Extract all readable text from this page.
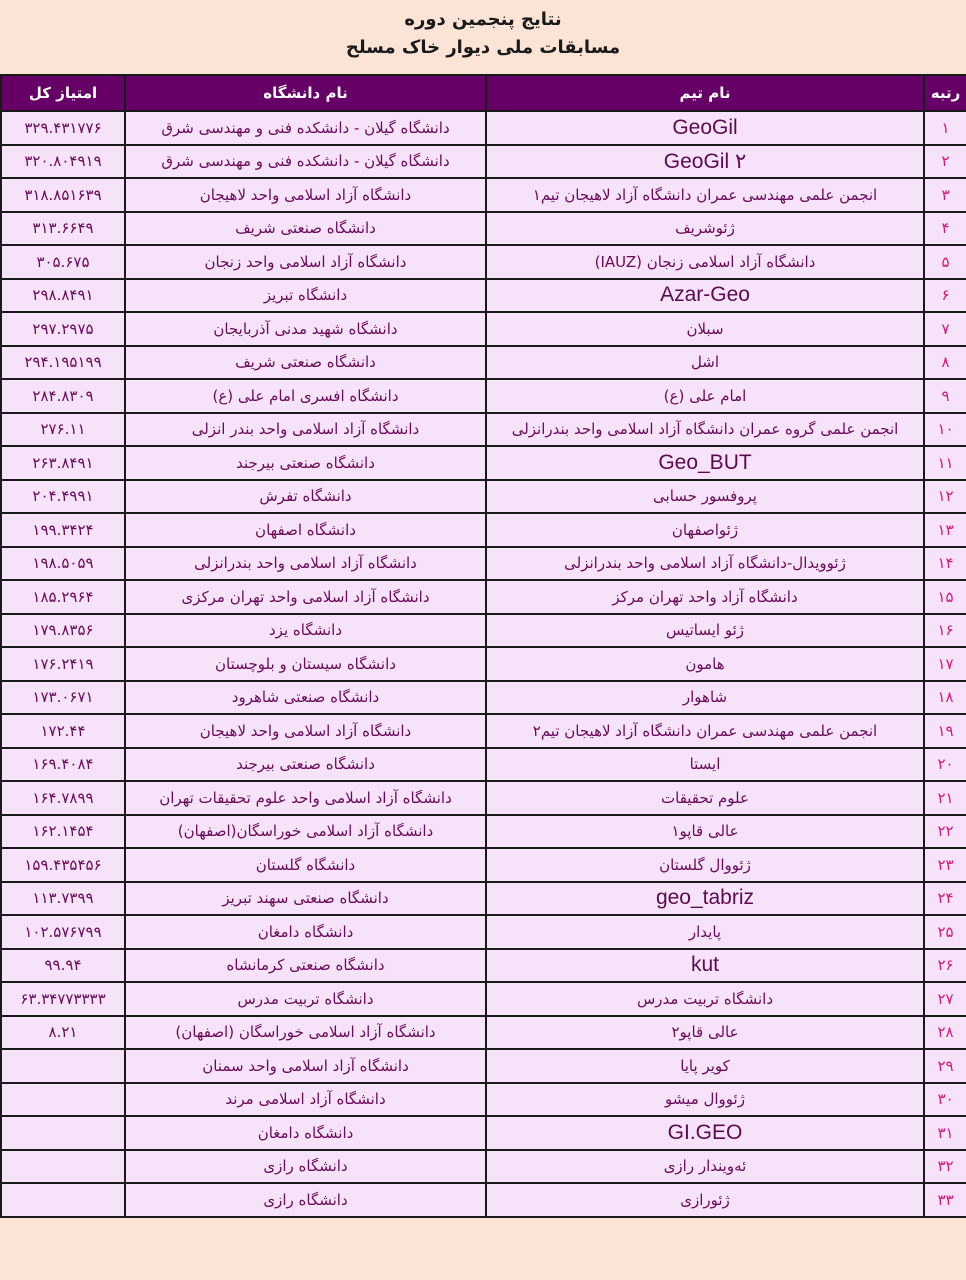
نتایج پنجمین دوره
مسابقات ملی دیوار خاک مسلح
رتبه	نام تیم	نام دانشگاه	امتیاز کل
۱	GeoGil	دانشگاه گیلان - دانشکده فنی و مهندسی شرق	۳۲۹.۴۳۱۷۷۶
۲	GeoGil ۲	دانشگاه گیلان - دانشکده فنی و مهندسی شرق	۳۲۰.۸۰۴۹۱۹
۳	انجمن علمی مهندسی عمران دانشگاه آزاد لاهیجان تیم۱	دانشگاه آزاد اسلامی واحد لاهیجان	۳۱۸.۸۵۱۶۳۹
۴	ژئوشریف	دانشگاه صنعتی شریف	۳۱۳.۶۶۴۹
۵	دانشگاه آزاد اسلامی زنجان (IAUZ)	دانشگاه آزاد اسلامی واحد زنجان	۳۰۵.۶۷۵
۶	Azar-Geo	دانشگاه تبریز	۲۹۸.۸۴۹۱
۷	سبلان	دانشگاه شهید مدنی آذربایجان	۲۹۷.۲۹۷۵
۸	اشل	دانشگاه صنعتی شریف	۲۹۴.۱۹۵۱۹۹
۹	امام علی (ع)	دانشگاه افسری امام علی (ع)	۲۸۴.۸۳۰۹
۱۰	انجمن علمی گروه عمران دانشگاه آزاد اسلامی واحد بندرانزلی	دانشگاه آزاد اسلامی واحد بندر انزلی	۲۷۶.۱۱
۱۱	Geo_BUT	دانشگاه صنعتی بیرجند	۲۶۳.۸۴۹۱
۱۲	پروفسور حسابی	دانشگاه تفرش	۲۰۴.۴۹۹۱
۱۳	ژئواصفهان	دانشگاه اصفهان	۱۹۹.۳۴۲۴
۱۴	ژئوویدال-دانشگاه آزاد اسلامی واحد بندرانزلی	دانشگاه آزاد اسلامی واحد بندرانزلی	۱۹۸.۵۰۵۹
۱۵	دانشگاه آزاد واحد تهران مرکز	دانشگاه آزاد اسلامی واحد تهران مرکزی	۱۸۵.۲۹۶۴
۱۶	ژئو ایساتیس	دانشگاه یزد	۱۷۹.۸۳۵۶
۱۷	هامون	دانشگاه سیستان و بلوچستان	۱۷۶.۲۴۱۹
۱۸	شاهوار	دانشگاه صنعتی شاهرود	۱۷۳.۰۶۷۱
۱۹	انجمن علمی مهندسی عمران دانشگاه آزاد لاهیجان تیم۲	دانشگاه آزاد اسلامی واحد لاهیجان	۱۷۲.۴۴
۲۰	ایستا	دانشگاه صنعتی بیرجند	۱۶۹.۴۰۸۴
۲۱	علوم تحقیقات	دانشگاه آزاد اسلامی واحد علوم تحقیقات تهران	۱۶۴.۷۸۹۹
۲۲	عالی قاپو۱	دانشگاه آزاد اسلامی خوراسگان(اصفهان)	۱۶۲.۱۴۵۴
۲۳	ژئووال گلستان	دانشگاه گلستان	۱۵۹.۴۳۵۴۵۶
۲۴	geo_tabriz	دانشگاه صنعتی سهند تبریز	۱۱۳.۷۳۹۹
۲۵	پایدار	دانشگاه دامغان	۱۰۲.۵۷۶۷۹۹
۲۶	kut	دانشگاه صنعتی کرمانشاه	۹۹.۹۴
۲۷	دانشگاه تربیت مدرس	دانشگاه تربیت مدرس	۶۳.۳۴۷۷۳۳۳۳
۲۸	عالی قاپو۲	دانشگاه آزاد اسلامی خوراسگان (اصفهان)	۸.۲۱
۲۹	کویر پایا	دانشگاه آزاد اسلامی واحد سمنان	
۳۰	ژئووال میشو	دانشگاه آزاد اسلامی مرند	
۳۱	GI.GEO	دانشگاه دامغان	
۳۲	ئەویندار رازی	دانشگاه رازی	
۳۳	ژئورازی	دانشگاه رازی	
